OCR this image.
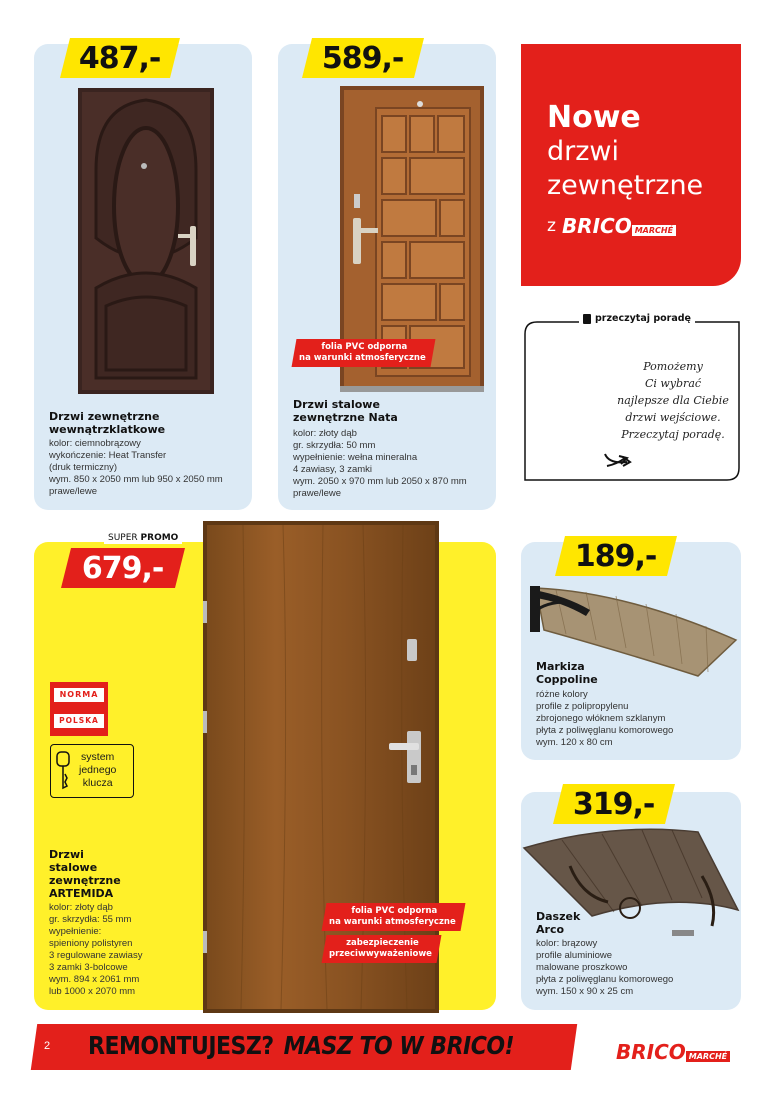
487,-
Drzwi zewnętrzne
wewnątrzklatkowe
kolor: ciemnobrązowy
wykończenie: Heat Transfer
(druk termiczny)
wym. 850 x 2050 mm lub 950 x 2050 mm
prawe/lewe
589,-
folia PVC odporna
na warunki atmosferyczne
Drzwi stalowe
zewnętrzne Nata
kolor: złoty dąb
gr. skrzydła: 50 mm
wypełnienie: wełna mineralna
4 zawiasy, 3 zamki
wym. 2050 x 970 mm lub 2050 x 870 mm
prawe/lewe
Nowe
drzwi
zewnętrzne
z BRICO MARCHÉ
przeczytaj poradę
Pomożemy
Ci wybrać
najlepsze dla Ciebie
drzwi wejściowe.
Przeczytaj poradę.
SUPER PROMO
679,-
NORMA
POLSKA
system
jednego
klucza
Drzwi
stalowe
zewnętrzne
ARTEMIDA
kolor: złoty dąb
gr. skrzydła: 55 mm
wypełnienie:
spieniony polistyren
3 regulowane zawiasy
3 zamki 3-bolcowe
wym. 894 x 2061 mm
lub 1000 x 2070 mm
folia PVC odporna
na warunki atmosferyczne
zabezpieczenie
przeciwwyważeniowe
189,-
Markiza
Coppoline
różne kolory
profile z polipropylenu
zbrojonego włóknem szklanym
płyta z poliwęglanu komorowego
wym. 120 x 80 cm
319,-
Daszek
Arco
kolor: brązowy
profile aluminiowe
malowane proszkowo
płyta z poliwęglanu komorowego
wym. 150 x 90 x 25 cm
2 REMONTUJESZ? MASZ TO W BRICO!	BRICO MARCHÉ
